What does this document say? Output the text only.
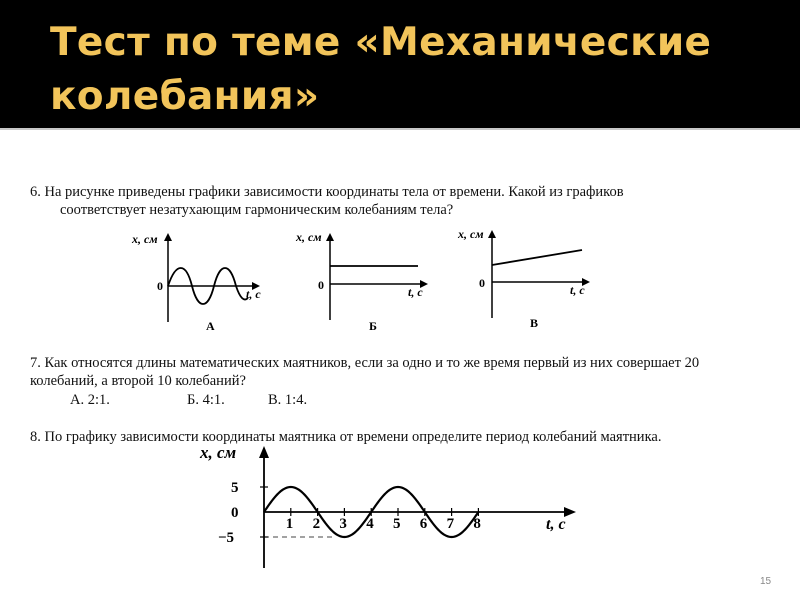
Тест по теме «Механические колебания»
6. На рисунке приведены графики зависимости координаты тела от времени. Какой из графиков
соответствует незатухающим гармоническим колебаниям тела?
x, см
t, с
0
А
x, см
t, с
0
Б
x, см
t, с
0
В
1 2 3 4 5 6 7 8
5
0
−5
x, см
t, с
7. Как относятся длины математических маятников, если за одно и то же время первый из них совершает 20
колебаний, а второй 10 колебаний?
А. 2:1.	Б. 4:1.	В. 1:4.
8. По графику зависимости координаты маятника от времени определите период колебаний маятника.
15
